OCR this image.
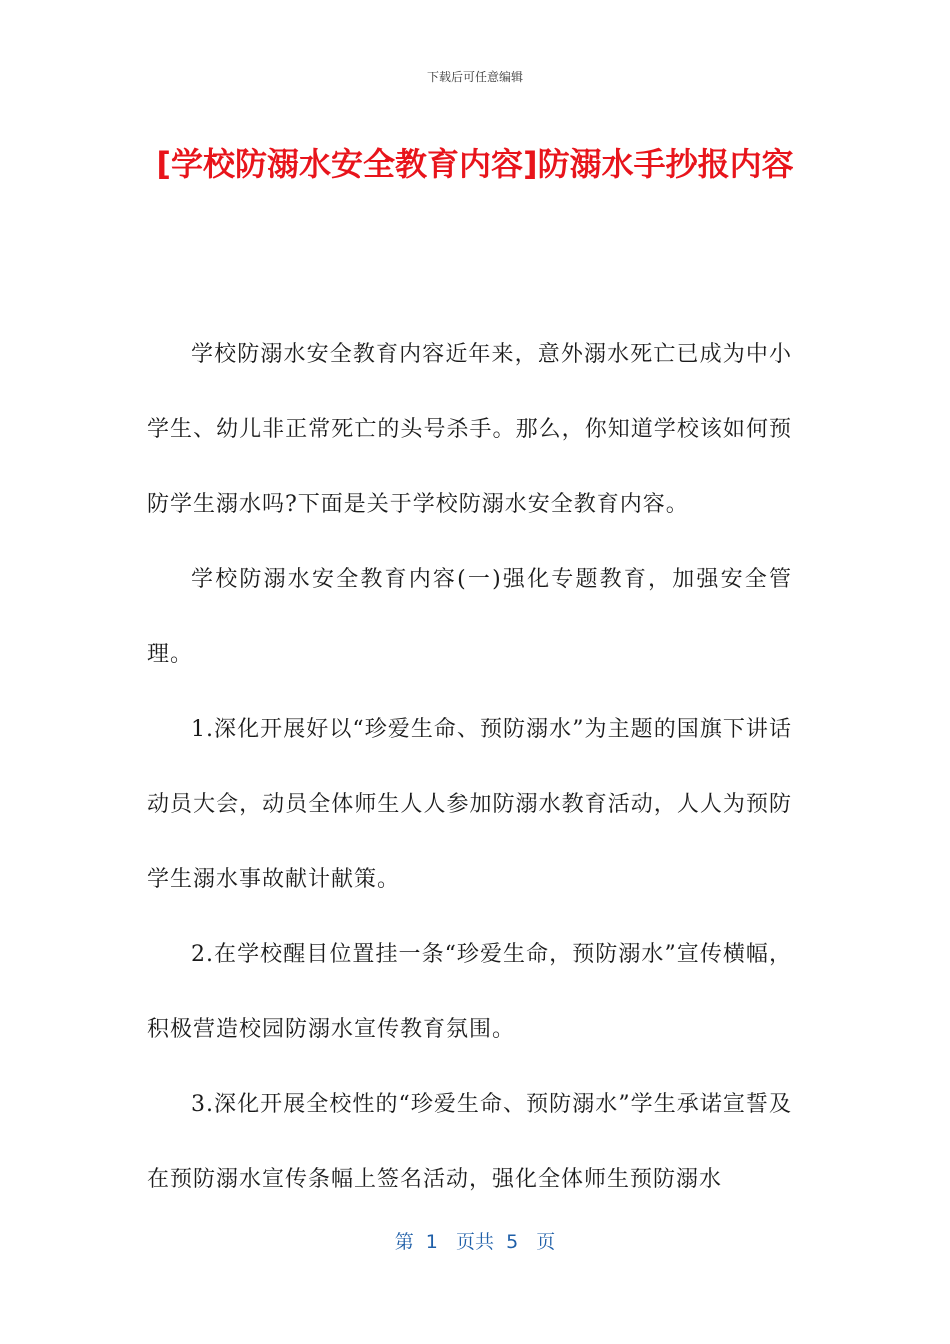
下载后可任意编辑
[学校防溺水安全教育内容]防溺水手抄报内容

学校防溺水安全教育内容近年来，意外溺水死亡已成为中小学生、幼儿非正常死亡的头号杀手。那么，你知道学校该如何预防学生溺水吗?下面是关于学校防溺水安全教育内容。

学校防溺水安全教育内容(一)强化专题教育，加强安全管理。

1.深化开展好以“珍爱生命、预防溺水”为主题的国旗下讲话动员大会，动员全体师生人人参加防溺水教育活动，人人为预防学生溺水事故献计献策。

2.在学校醒目位置挂一条“珍爱生命，预防溺水”宣传横幅，积极营造校园防溺水宣传教育氛围。

3.深化开展全校性的“珍爱生命、预防溺水”学生承诺宣誓及在预防溺水宣传条幅上签名活动，强化全体师生预防溺水

第  1   页共  5   页
